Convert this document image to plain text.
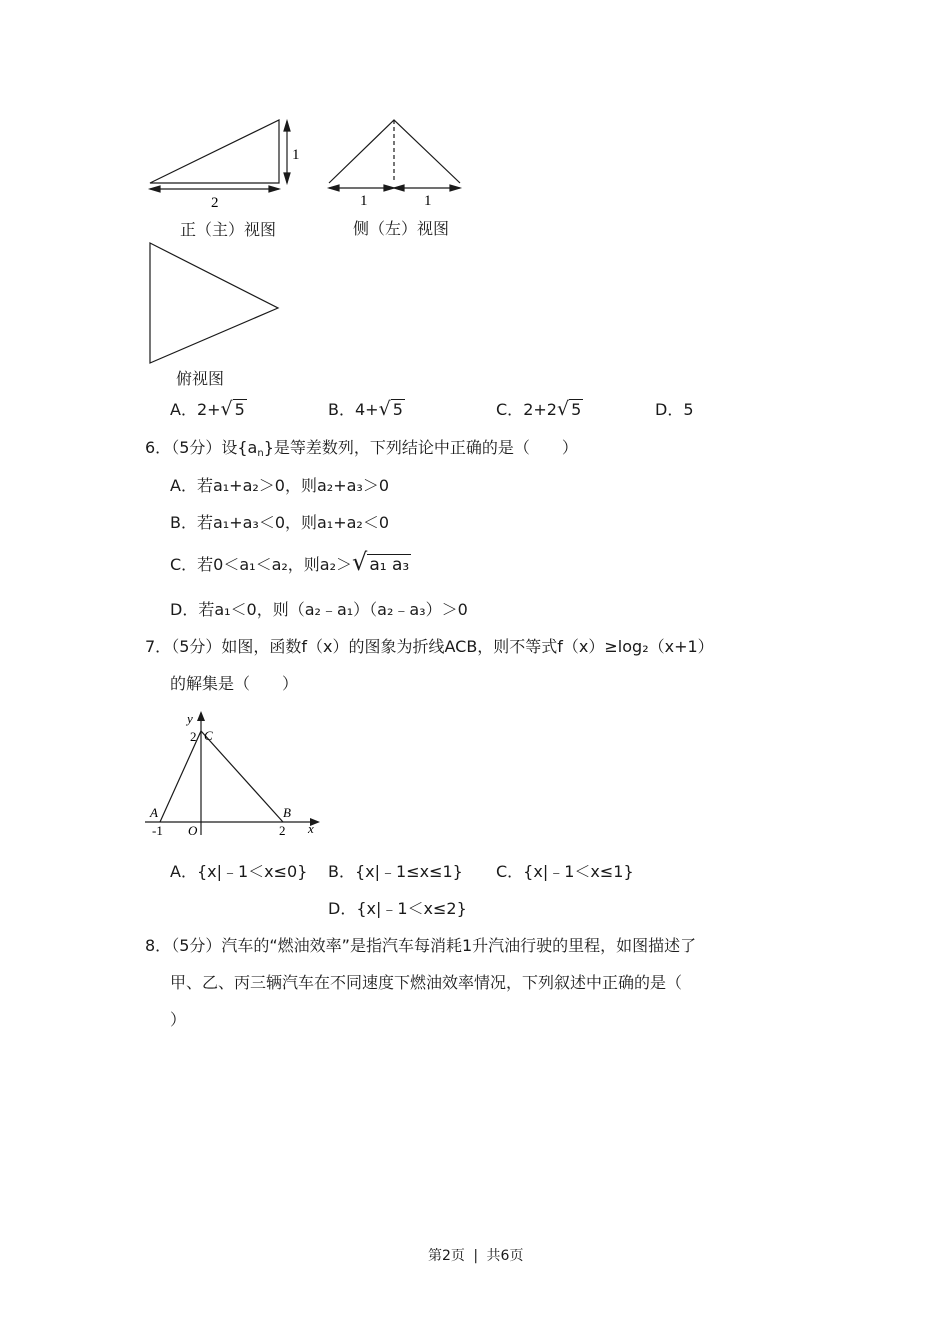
2
1
1	1
正（主）视图	侧（左）视图
俯视图
A．2+√ 5	B．4+√ 5	C．2+2√ 5	D．5
6．（5分）设$\{a_n\}$是等差数列，下列结论中正确的是（　　）
A．若a₁+a₂＞0，则a₂+a₃＞0
B．若a₁+a₃＜0，则a₁+a₂＜0
C．若0＜a₁＜a₂，则a₂＞√ a₁ a₃
D．若a₁＜0，则（a₂﹣a₁）（a₂﹣a₃）＞0
7．（5分）如图，函数f（x）的图象为折线ACB，则不等式f（x）≥log₂（x+1）
的解集是（　　）
y
2 C
A	B
-1 O	2 x
A．{x|﹣1＜x≤0} B．{x|﹣1≤x≤1} C．{x|﹣1＜x≤1}
D．{x|﹣1＜x≤2}
8．（5分）汽车的“燃油效率”是指汽车每消耗1升汽油行驶的里程，如图描述了
甲、乙、丙三辆汽车在不同速度下燃油效率情况，下列叙述中正确的是（
）
第2页 | 共6页
